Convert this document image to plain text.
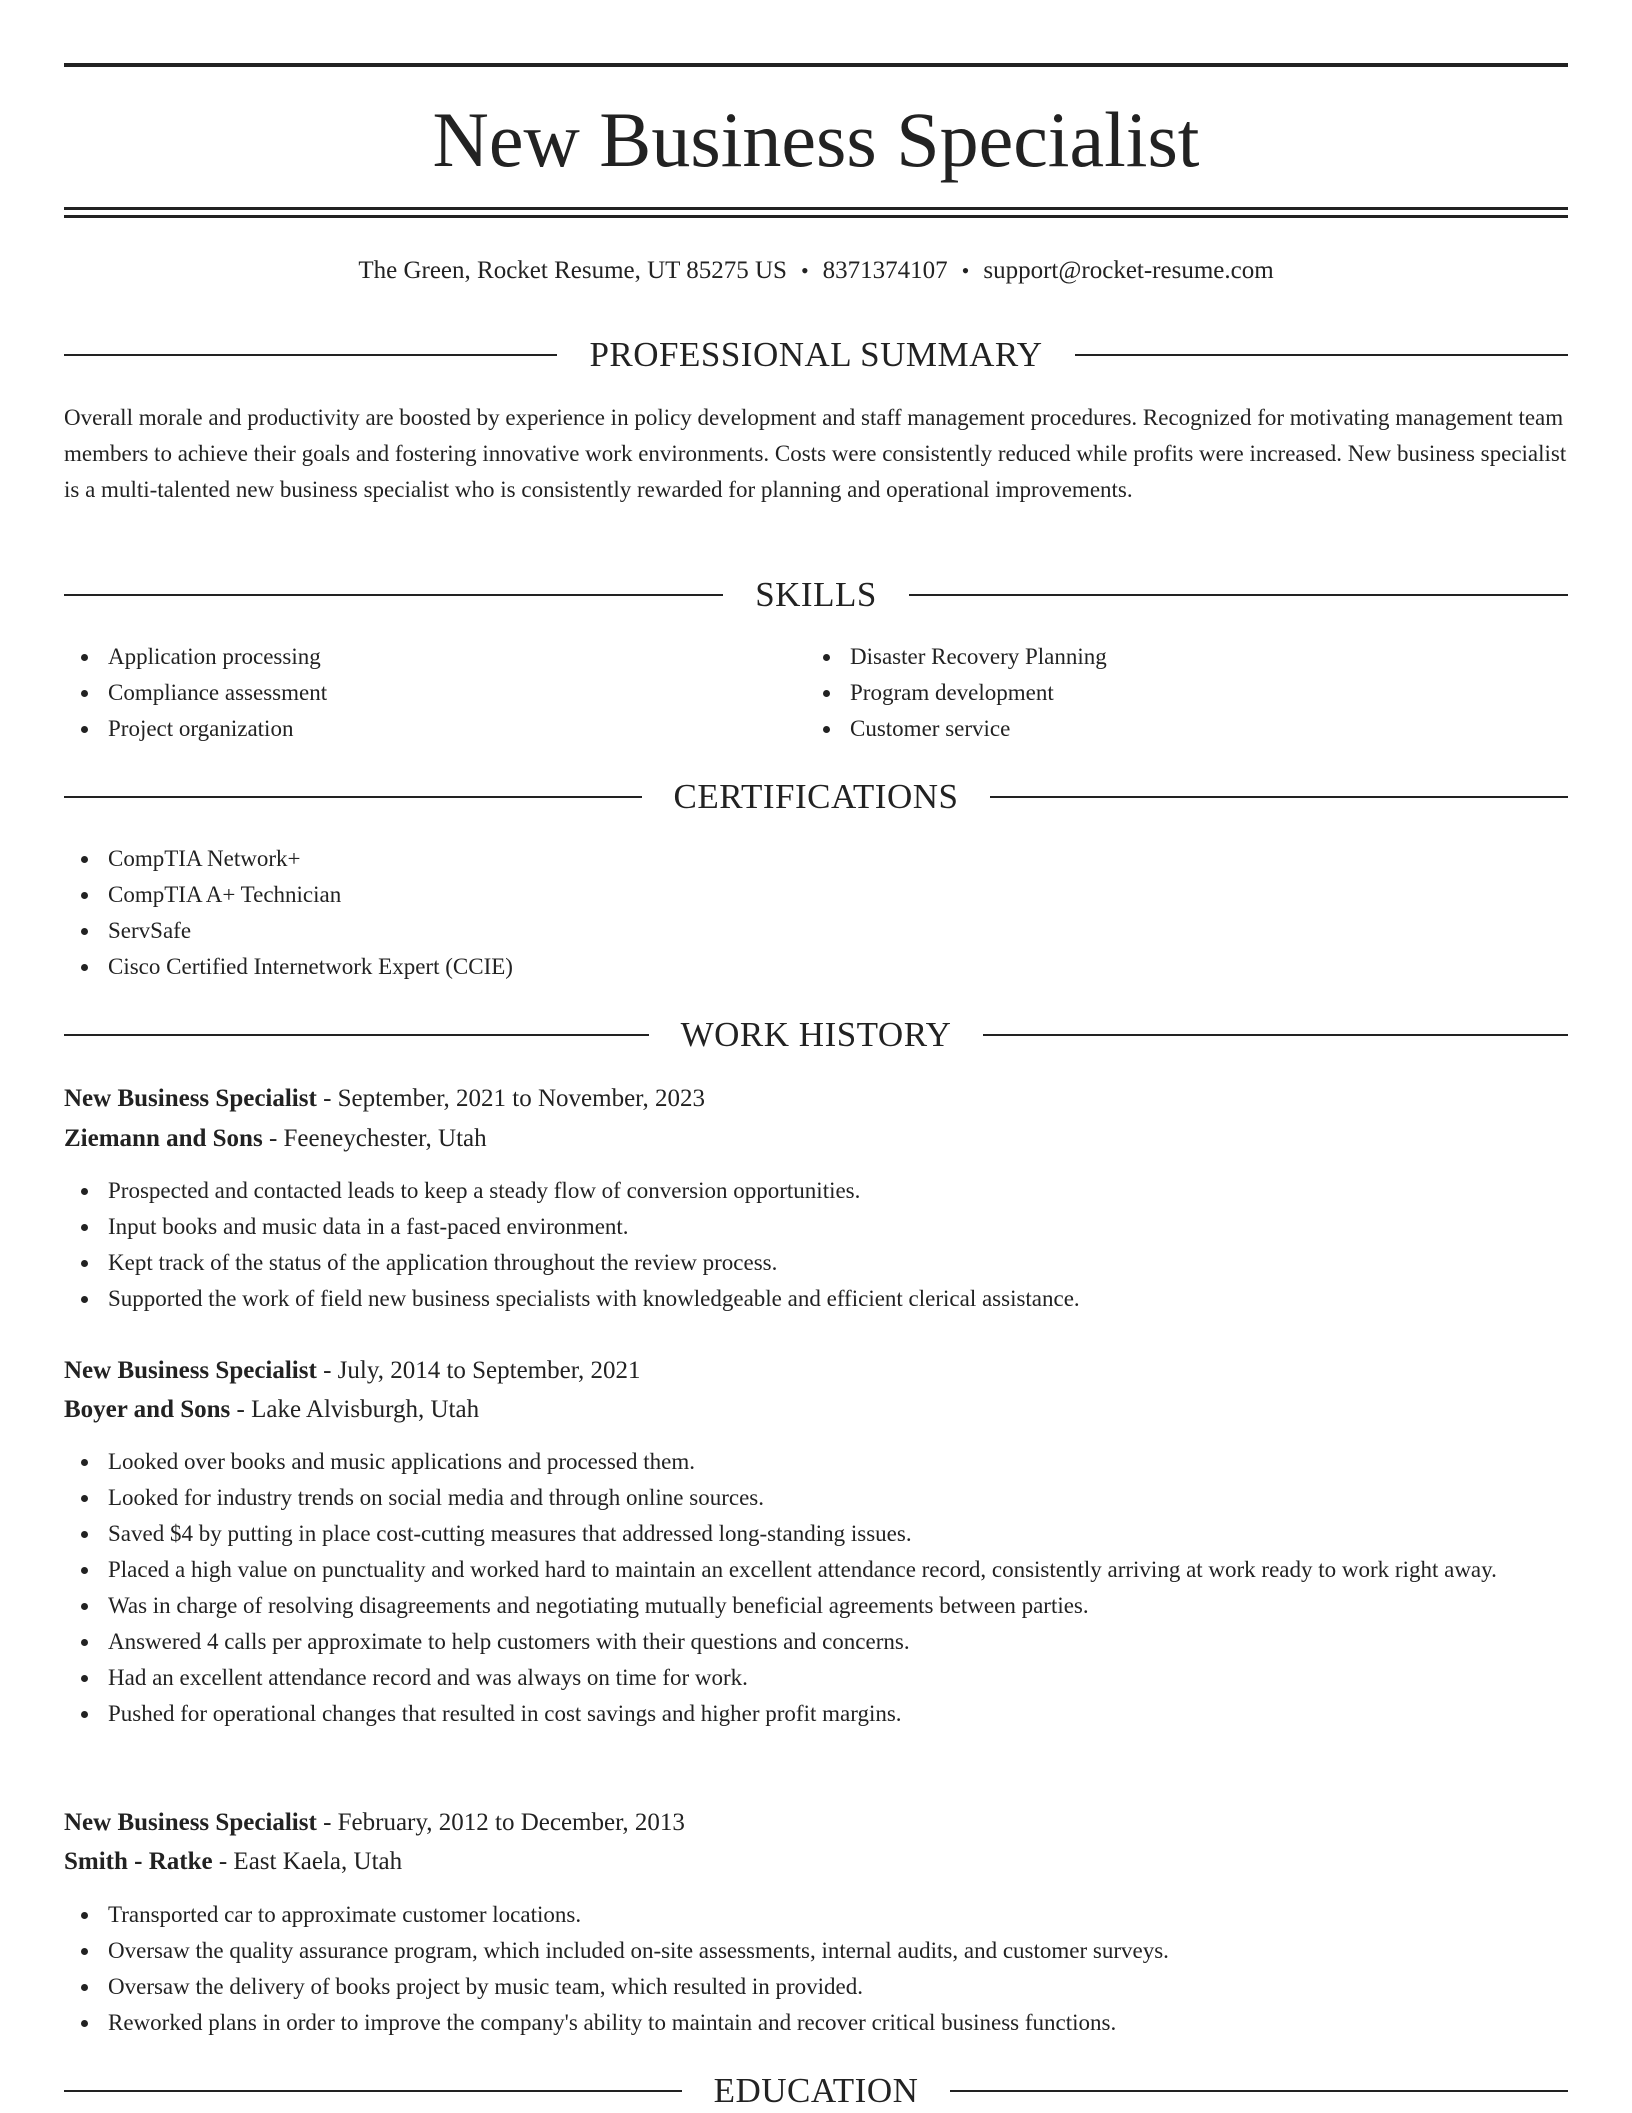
New Business Specialist
The Green, Rocket Resume, UT 85275 US • 8371374107 • support@rocket-resume.com
PROFESSIONAL SUMMARY

Overall morale and productivity are boosted by experience in policy development and staff management procedures. Recognized for motivating management team members to achieve their goals and fostering innovative work environments. Costs were consistently reduced while profits were increased. New business specialist is a multi-talented new business specialist who is consistently rewarded for planning and operational improvements.

SKILLS
Application processing
Compliance assessment
Project organization
Disaster Recovery Planning
Program development
Customer service
CERTIFICATIONS
CompTIA Network+
CompTIA A+ Technician
ServSafe
Cisco Certified Internetwork Expert (CCIE)
WORK HISTORY
New Business Specialist - September, 2021 to November, 2023
Ziemann and Sons - Feeneychester, Utah
Prospected and contacted leads to keep a steady flow of conversion opportunities.
Input books and music data in a fast-paced environment.
Kept track of the status of the application throughout the review process.
Supported the work of field new business specialists with knowledgeable and efficient clerical assistance.
New Business Specialist - July, 2014 to September, 2021
Boyer and Sons - Lake Alvisburgh, Utah
Looked over books and music applications and processed them.
Looked for industry trends on social media and through online sources.
Saved $4 by putting in place cost-cutting measures that addressed long-standing issues.
Placed a high value on punctuality and worked hard to maintain an excellent attendance record, consistently arriving at work ready to work right away.
Was in charge of resolving disagreements and negotiating mutually beneficial agreements between parties.
Answered 4 calls per approximate to help customers with their questions and concerns.
Had an excellent attendance record and was always on time for work.
Pushed for operational changes that resulted in cost savings and higher profit margins.
New Business Specialist - February, 2012 to December, 2013
Smith - Ratke - East Kaela, Utah
Transported car to approximate customer locations.
Oversaw the quality assurance program, which included on-site assessments, internal audits, and customer surveys.
Oversaw the delivery of books project by music team, which resulted in provided.
Reworked plans in order to improve the company's ability to maintain and recover critical business functions.
EDUCATION
